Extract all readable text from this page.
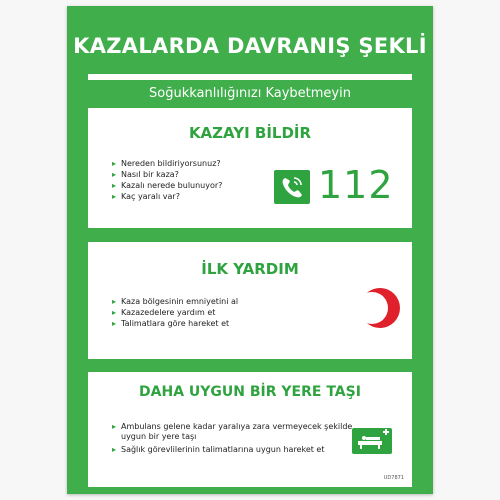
KAZALARDA DAVRANIŞ ŞEKLİ
Soğukkanlılığınızı Kaybetmeyin
KAZAYI BİLDİR
▸ Nereden bildiriyorsunuz?
▸ Nasıl bir kaza?
▸ Kazalı nerede bulunuyor?
▸ Kaç yaralı var?	112
İLK YARDIM
▸ Kaza bölgesinin emniyetini al
▸ Kazazedelere yardım et
▸ Talimatlara göre hareket et
DAHA UYGUN BİR YERE TAŞI
▸ Ambulans gelene kadar yaralıya zara vermeyecek şekilde uygun bir yere taşı
▸ Sağlık görevlilerinin talimatlarına uygun hareket et
UD7871
